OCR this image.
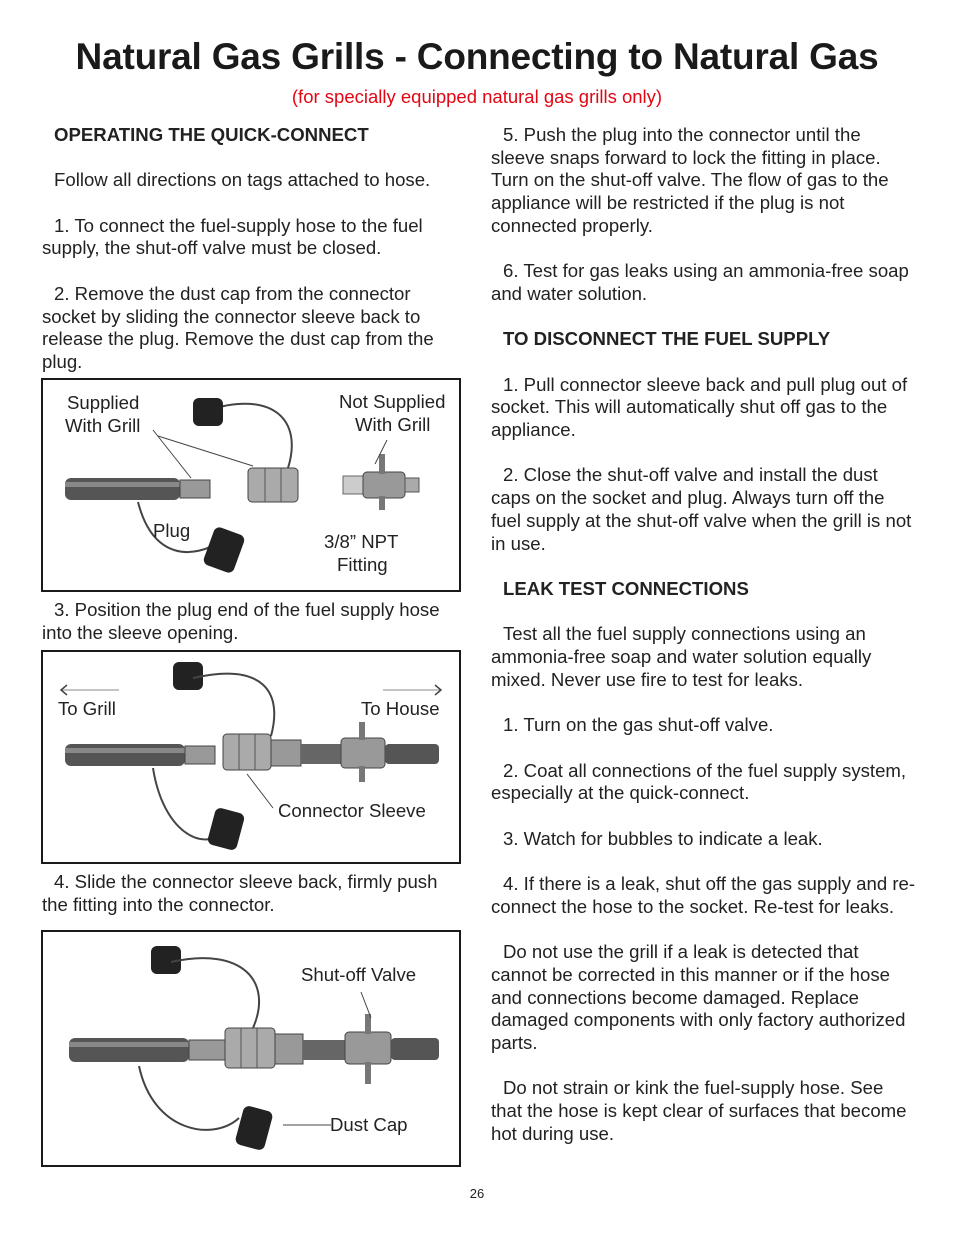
Natural Gas Grills - Connecting to Natural Gas
(for specially equipped natural gas grills only)
OPERATING THE QUICK-CONNECT

Follow all directions on tags attached to hose.

1. To connect the fuel-supply hose to the fuel supply, the shut-off valve must be closed.

2. Remove the dust cap from the connector socket by sliding the connector sleeve back to release the plug. Remove the dust cap from the plug.

3. Position the plug end of the fuel supply hose into the sleeve opening.

4. Slide the connector sleeve back, firmly push the fitting into the connector.

Supplied
With Grill
Not Supplied
With Grill
Plug
3/8” NPT
Fitting
To Grill	To House
Connector Sleeve
Shut-off Valve
Dust Cap

5. Push the plug into the connector until the sleeve snaps forward to lock the fitting in place. Turn on the shut-off valve. The flow of gas to the appliance will be restricted if the plug is not connected properly.

6. Test for gas leaks using an ammonia-free soap and water solution.

TO DISCONNECT THE FUEL SUPPLY

1. Pull connector sleeve back and pull plug out of socket. This will automatically shut off gas to the appliance.

2. Close the shut-off valve and install the dust caps on the socket and plug. Always turn off the fuel supply at the shut-off valve when the grill is not in use.

LEAK TEST CONNECTIONS

Test all the fuel supply connections using an ammonia-free soap and water solution equally mixed. Never use fire to test for leaks.

1. Turn on the gas shut-off valve.

2. Coat all connections of the fuel supply system, especially at the quick-connect.

3. Watch for bubbles to indicate a leak.

4. If there is a leak, shut off the gas supply and re-connect the hose to the socket. Re-test for leaks.

Do not use the grill if a leak is detected that cannot be corrected in this manner or if the hose and connections become damaged. Replace damaged components with only factory authorized parts.

Do not strain or kink the fuel-supply hose. See that the hose is kept clear of surfaces that become hot during use.

26
